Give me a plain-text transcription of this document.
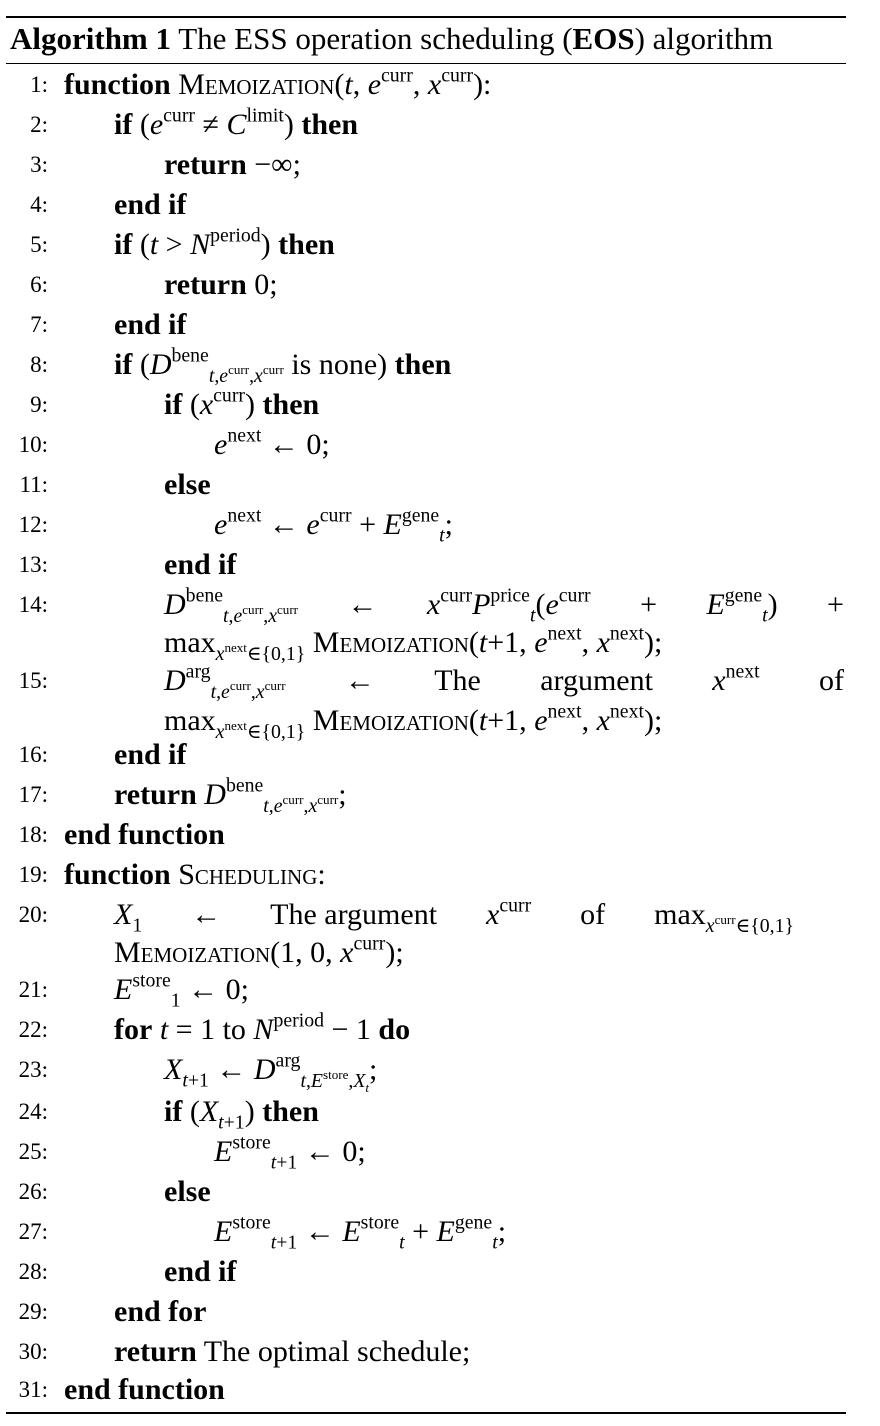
Algorithm 1 The ESS operation scheduling (EOS) algorithm
1: function Memoization(t, $e^{curr}$, $x^{curr}$):
2: if $(e^{curr} \ne C^{limit})$ then
3:	return −∞;
4: end if
5: if $(t > N^{period})$ then
6:	return 0;
7: end if
8: if ($D^{bene}_{t,e^{curr},x^{curr}}$ is none) then
9:	if $(x^{curr})$ then
10:	$e^{next}$ ← 0;
11:	else
12:	$e^{next}$ ← $e^{curr} + E^{gene}_t$;
13:	end if
14:	$D^{bene}_{t,e^{curr},x^{curr}}$ ← $x^{curr}P^{price}_t(e^{curr} + E^{gene}_t)$ +
$\max_{x^{next}\in\{0,1\}}$ Memoization(t+1, $e^{next}$, $x^{next}$);
15:	$D^{arg}_{t,e^{curr},x^{curr}}$ ← The argument $x^{next}$ of
$\max_{x^{next}\in\{0,1\}}$ Memoization(t+1, $e^{next}$, $x^{next}$);
16: end if
17: return $D^{bene}_{t,e^{curr},x^{curr}}$;
18: end function
19: function Scheduling:
20: $X_1$ ← The argument $x^{curr}$ of $\max_{x^{curr}\in\{0,1\}}$
Memoization(1, 0, $x^{curr}$);
21: $E^{store}_1$ ← 0;
22: for t = 1 to $N^{period} - 1$ do
23:	$X_{t+1}$ ← $D^{arg}_{t,E^{store},X_t}$;
24:	if $(X_{t+1})$ then
25:	$E^{store}_{t+1}$ ← 0;
26:	else
27:	$E^{store}_{t+1}$ ← $E^{store}_t + E^{gene}_t$;
28:	end if
29: end for
30: return The optimal schedule;
31: end function
